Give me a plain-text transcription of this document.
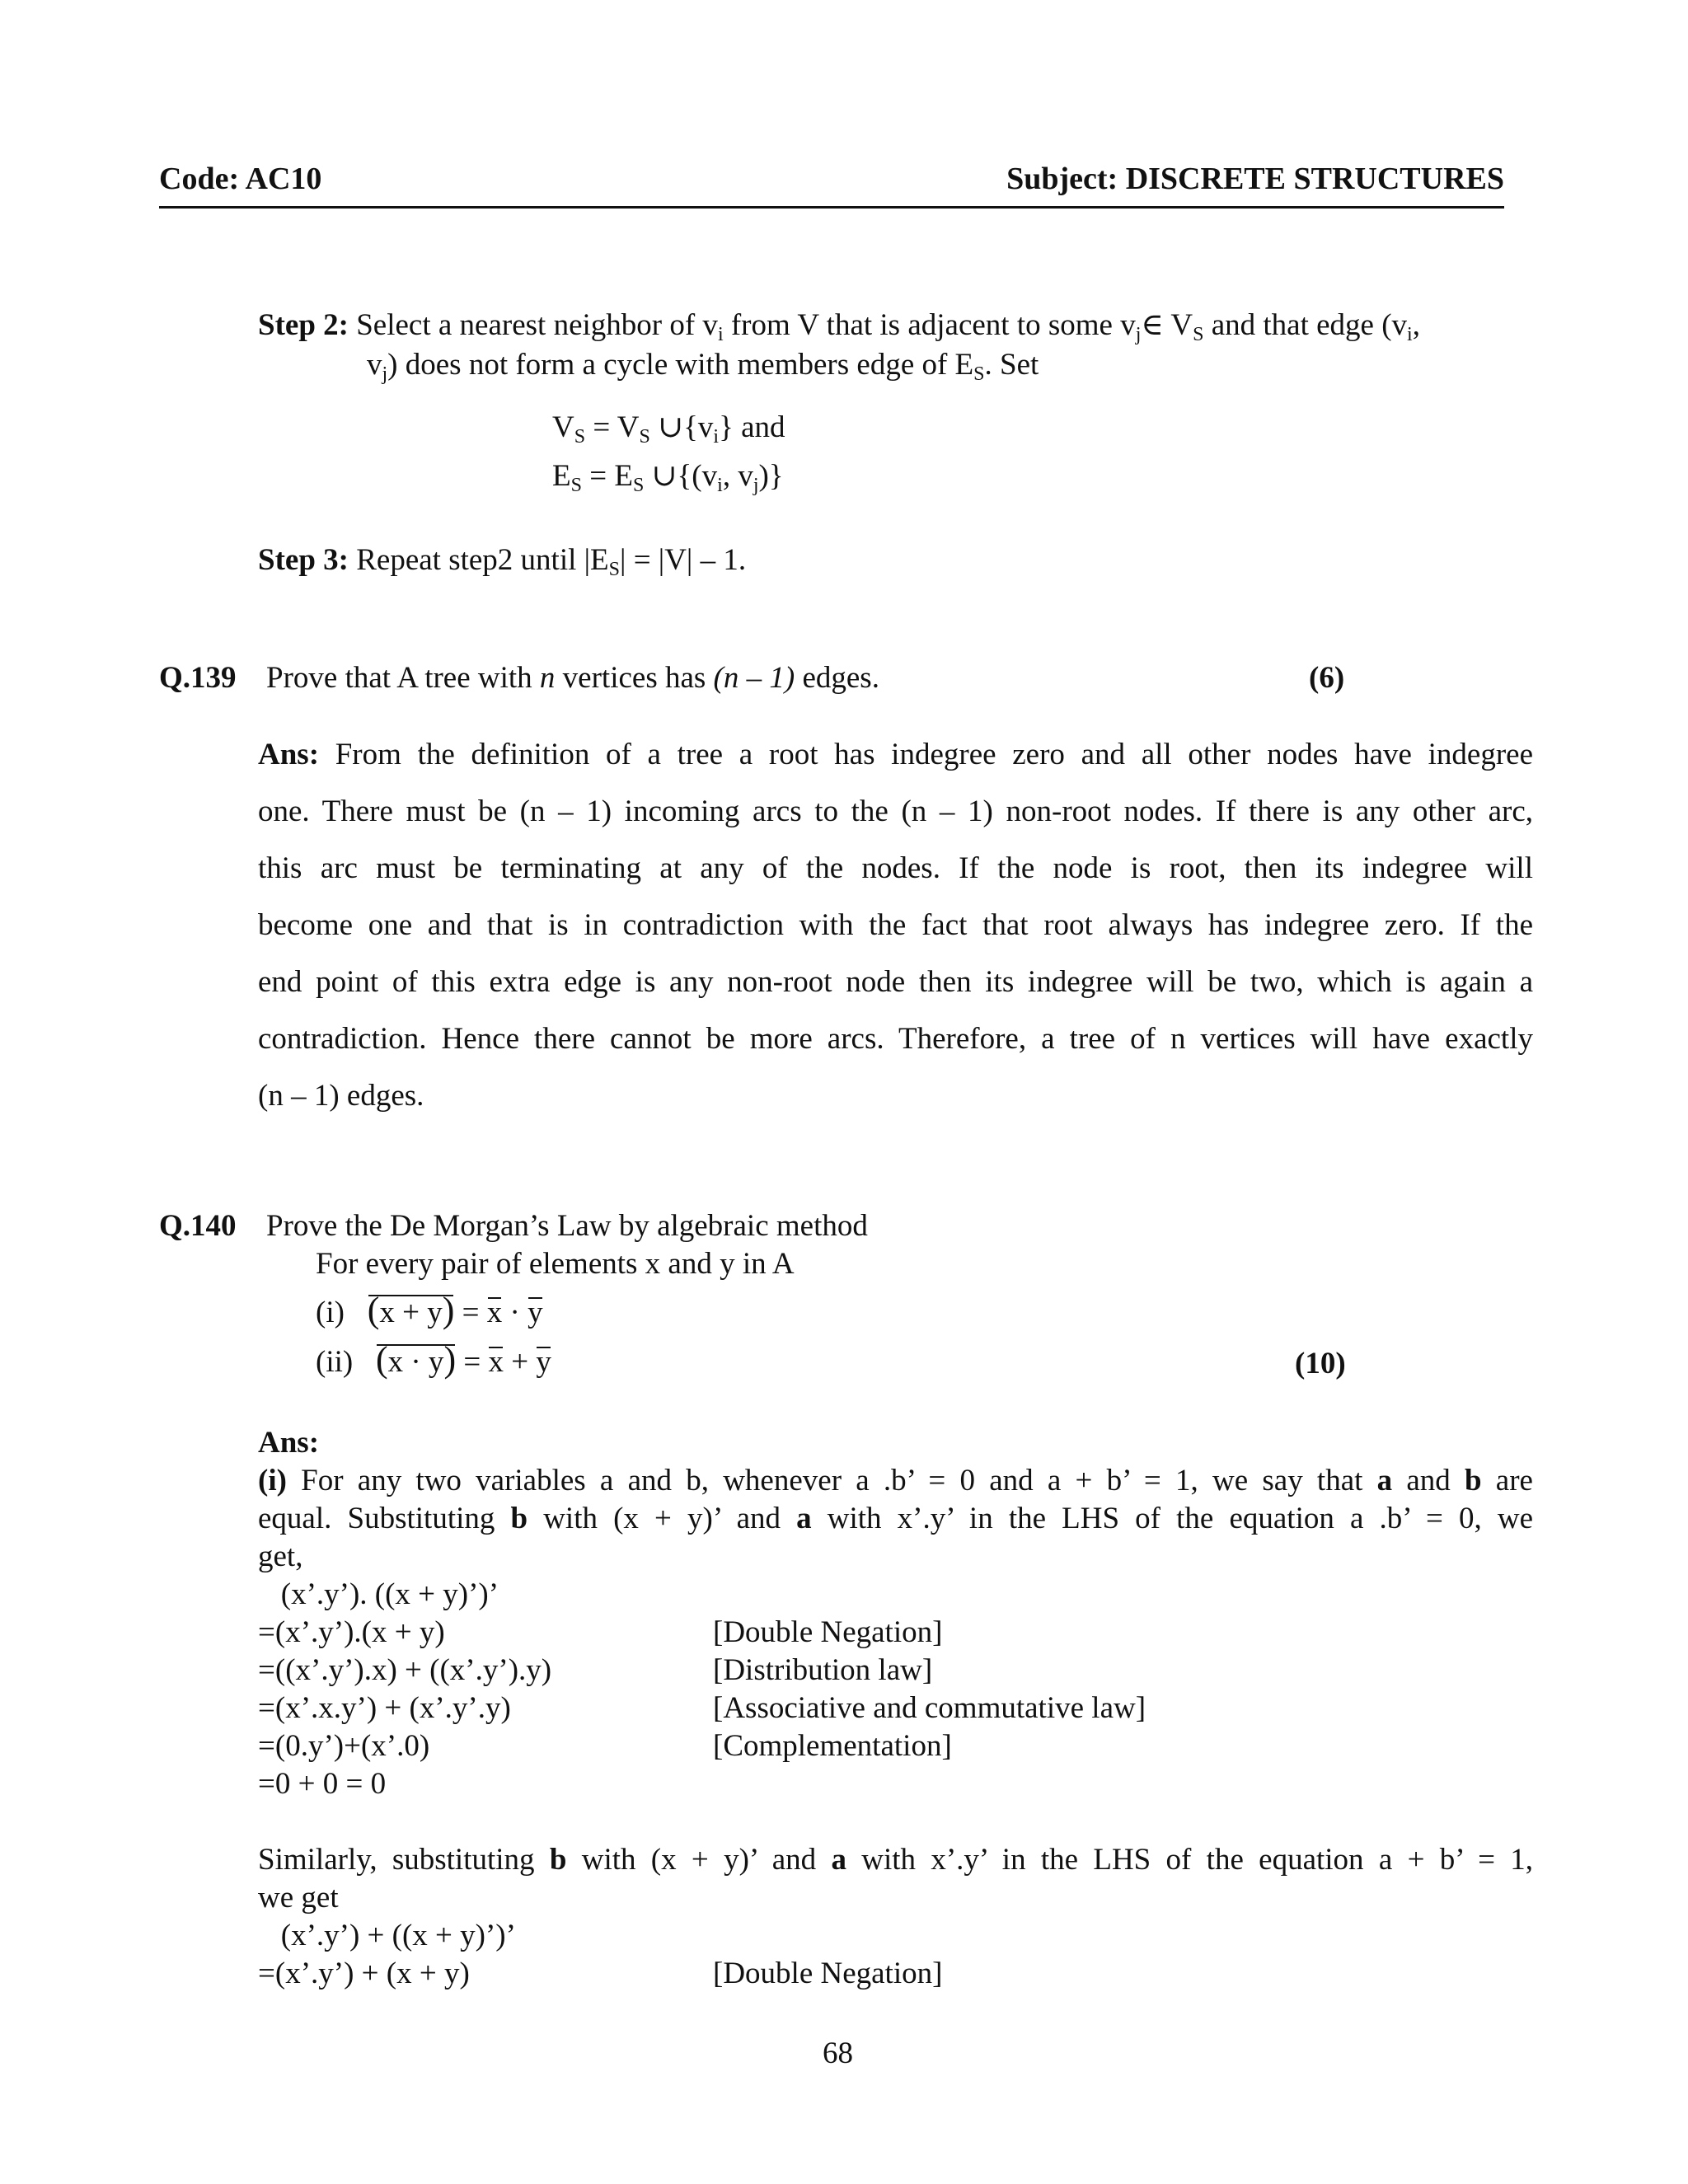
Code: AC10	Subject: DISCRETE STRUCTURES
Step 2: Select a nearest neighbor of $v_i$ from V that is adjacent to some $v_j\in$ $V_S$ and that edge ($v_i$,
$v_j$) does not form a cycle with members edge of $E_S$. Set
$V_S = V_S$ $\cup\{v_i\}$ and
$E_S = E_S$ $\cup\{(v_i$, $v_j$)}
Step 3: Repeat step2 until $|E_S| = |V| - 1$.
Q.139 Prove that A tree with n vertices has (n – 1) edges.	(6)
Ans: From the definition of a tree a root has indegree zero and all other nodes have indegree
one. There must be (n – 1) incoming arcs to the (n – 1) non-root nodes. If there is any other arc,
this arc must be terminating at any of the nodes. If the node is root, then its indegree will
become one and that is in contradiction with the fact that root always has indegree zero. If the
end point of this extra edge is any non-root node then its indegree will be two, which is again a
contradiction. Hence there cannot be more arcs. Therefore, a tree of n vertices will have exactly
(n – 1) edges.
Q.140 Prove the De Morgan’s Law by algebraic method
For every pair of elements x and y in A
(i) (x + y) = x · y
(ii) (x · y) = x + y	(10)
Ans:
(i) For any two variables a and b, whenever a .b’ = 0 and a + b’ = 1, we say that a and b are
equal. Substituting b with (x + y)’ and a with x’.y’ in the LHS of the equation a .b’ = 0, we
get,
(x’.y’). ((x + y)’)’
=(x’.y’).(x + y)	[Double Negation]
=((x’.y’).x) + ((x’.y’).y)	[Distribution law]
=(x’.x.y’) + (x’.y’.y)	[Associative and commutative law]
=(0.y’)+(x’.0)	[Complementation]
=0 + 0 = 0
Similarly, substituting b with (x + y)’ and a with x’.y’ in the LHS of the equation a + b’ = 1,
we get
(x’.y’) + ((x + y)’)’
=(x’.y’) + (x + y)	[Double Negation]
68
